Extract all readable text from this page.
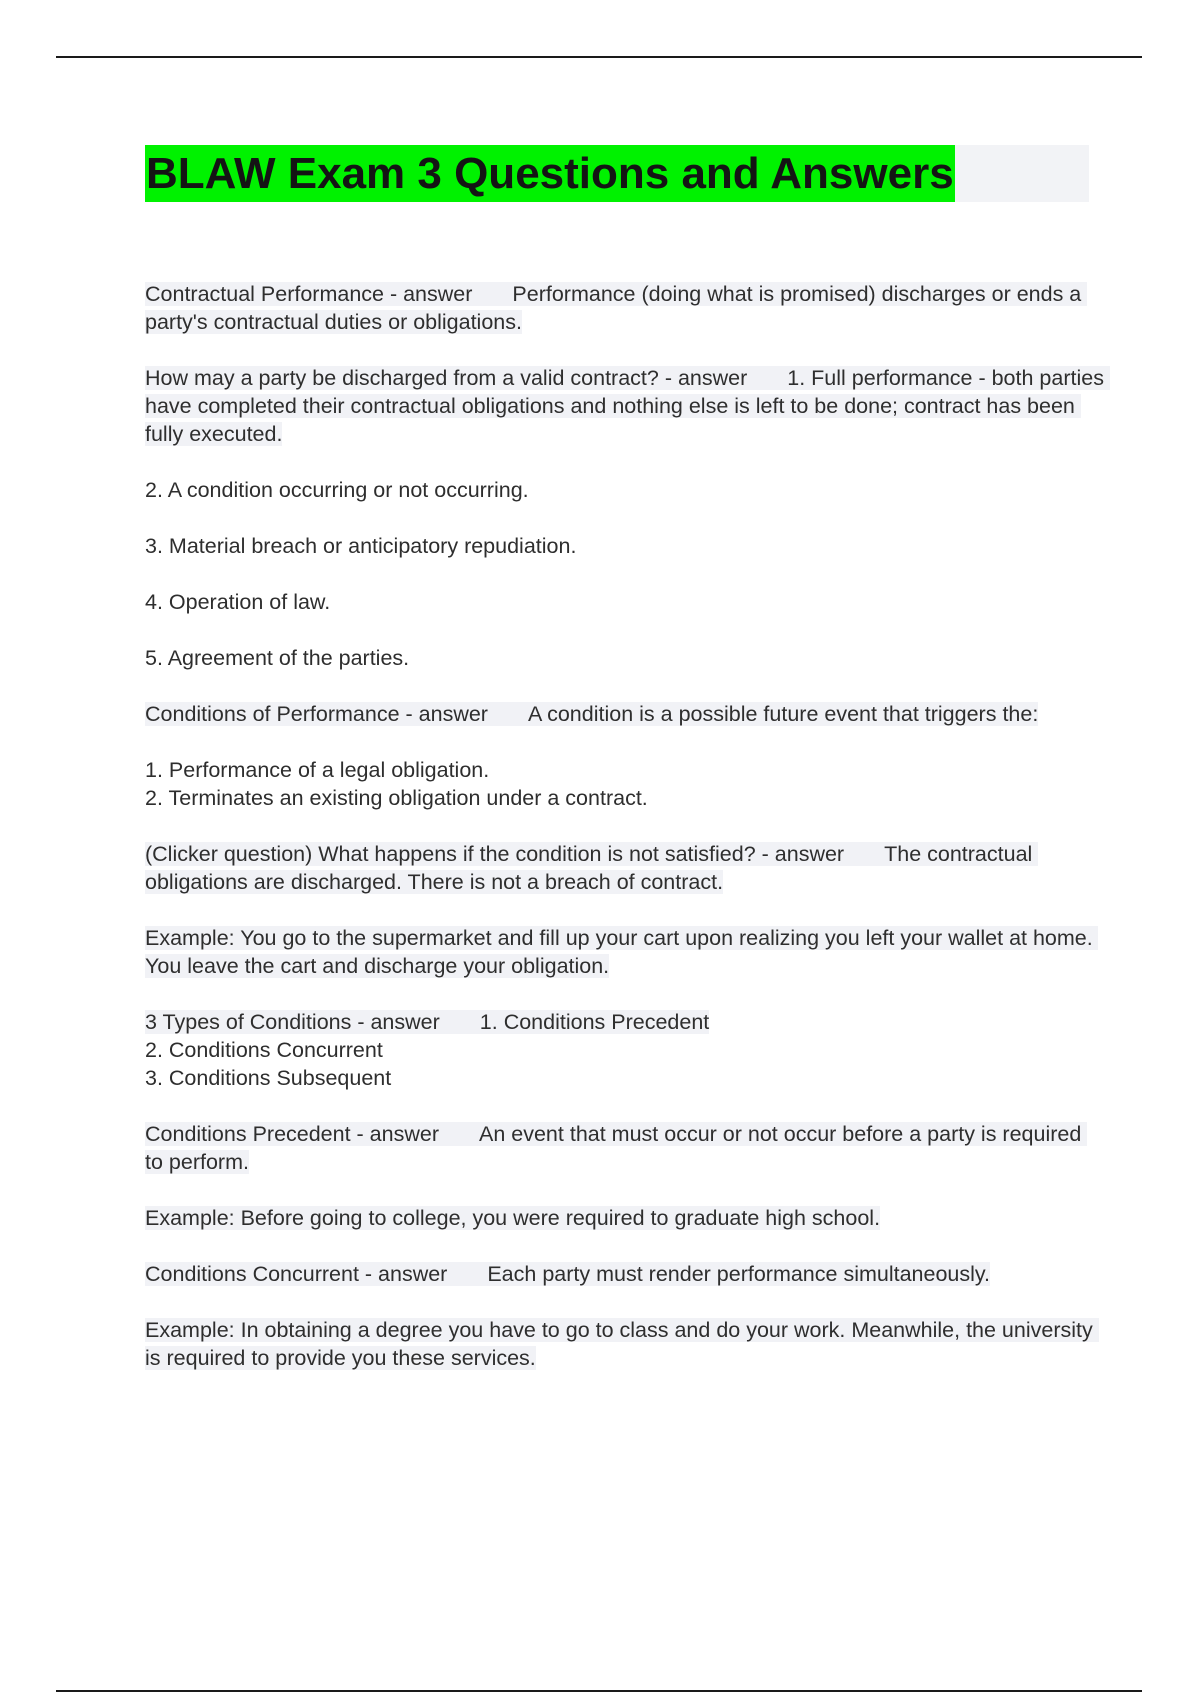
BLAW Exam 3 Questions and Answers

Contractual Performance - answer Performance (doing what is promised) discharges or ends a party's contractual duties or obligations.

How may a party be discharged from a valid contract? - answer 1. Full performance - both parties have completed their contractual obligations and nothing else is left to be done; contract has been fully executed.

2. A condition occurring or not occurring.

3. Material breach or anticipatory repudiation.

4. Operation of law.

5. Agreement of the parties.

Conditions of Performance - answer A condition is a possible future event that triggers the:

1. Performance of a legal obligation.

2. Terminates an existing obligation under a contract.

(Clicker question) What happens if the condition is not satisfied? - answer The contractual obligations are discharged. There is not a breach of contract.

Example: You go to the supermarket and fill up your cart upon realizing you left your wallet at home. You leave the cart and discharge your obligation.

3 Types of Conditions - answer 1. Conditions Precedent

2. Conditions Concurrent

3. Conditions Subsequent

Conditions Precedent - answer An event that must occur or not occur before a party is required to perform.

Example: Before going to college, you were required to graduate high school.

Conditions Concurrent - answer Each party must render performance simultaneously.

Example: In obtaining a degree you have to go to class and do your work. Meanwhile, the university is required to provide you these services.
